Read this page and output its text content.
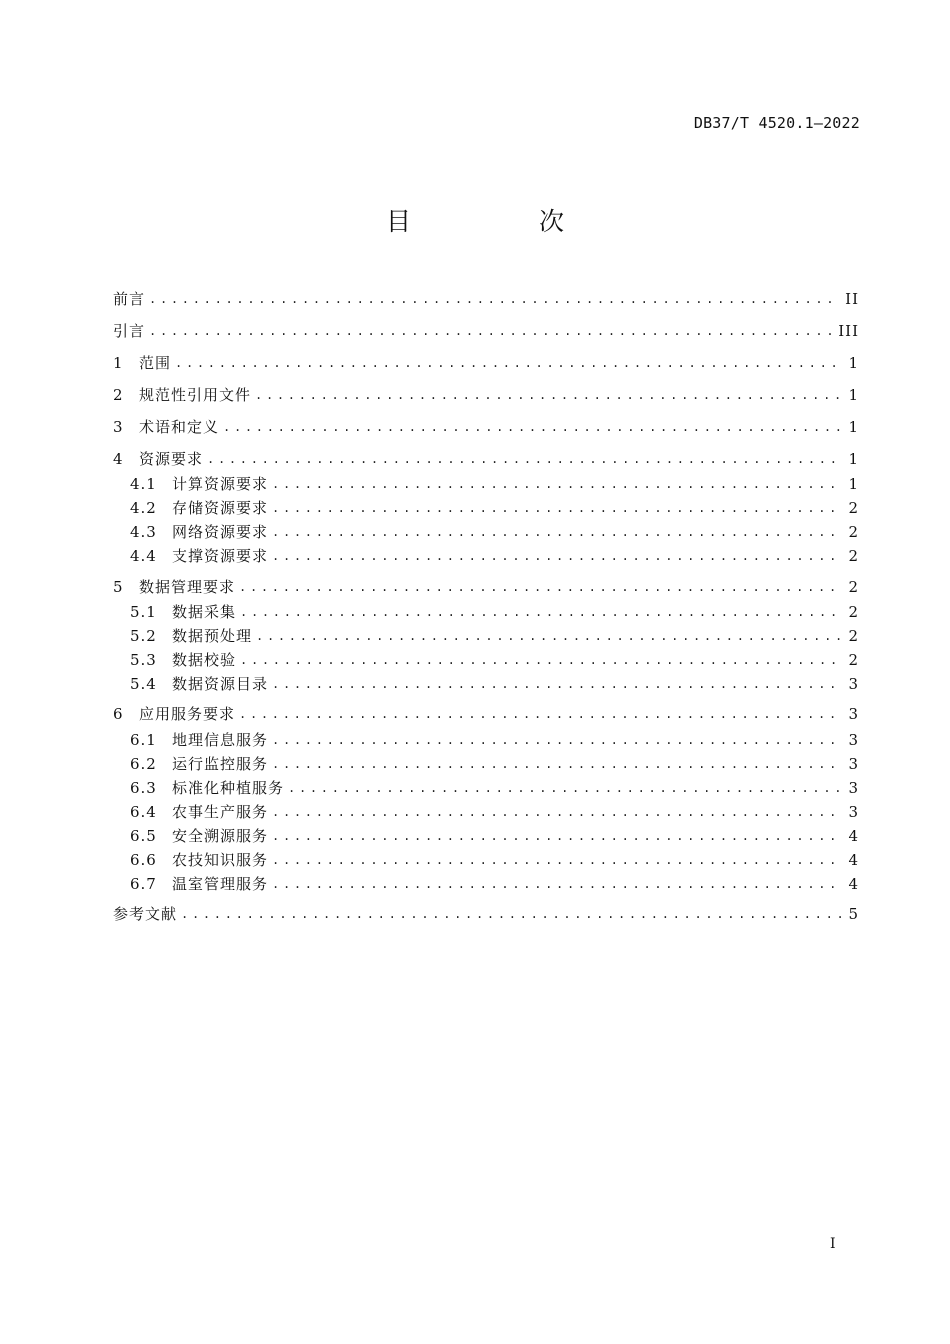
DB37/T 4520.1—2022
目 次
前言 .....	II
引言 .....	III
1	范围 .....	1
2	规范性引用文件 .....	1
3	术语和定义 .....	1
4	资源要求 .....	1
4.1	计算资源要求 .....	1
4.2	存储资源要求 .....	2
4.3	网络资源要求 .....	2
4.4	支撑资源要求 .....	2
5	数据管理要求 .....	2
5.1	数据采集 .....	2
5.2	数据预处理 .....	2
5.3	数据校验 .....	2
5.4	数据资源目录 .....	3
6	应用服务要求 .....	3
6.1	地理信息服务 .....	3
6.2	运行监控服务 .....	3
6.3	标准化种植服务 .....	3
6.4	农事生产服务 .....	3
6.5	安全溯源服务 .....	4
6.6	农技知识服务 .....	4
6.7	温室管理服务 .....	4
参考文献 .....	5
I
